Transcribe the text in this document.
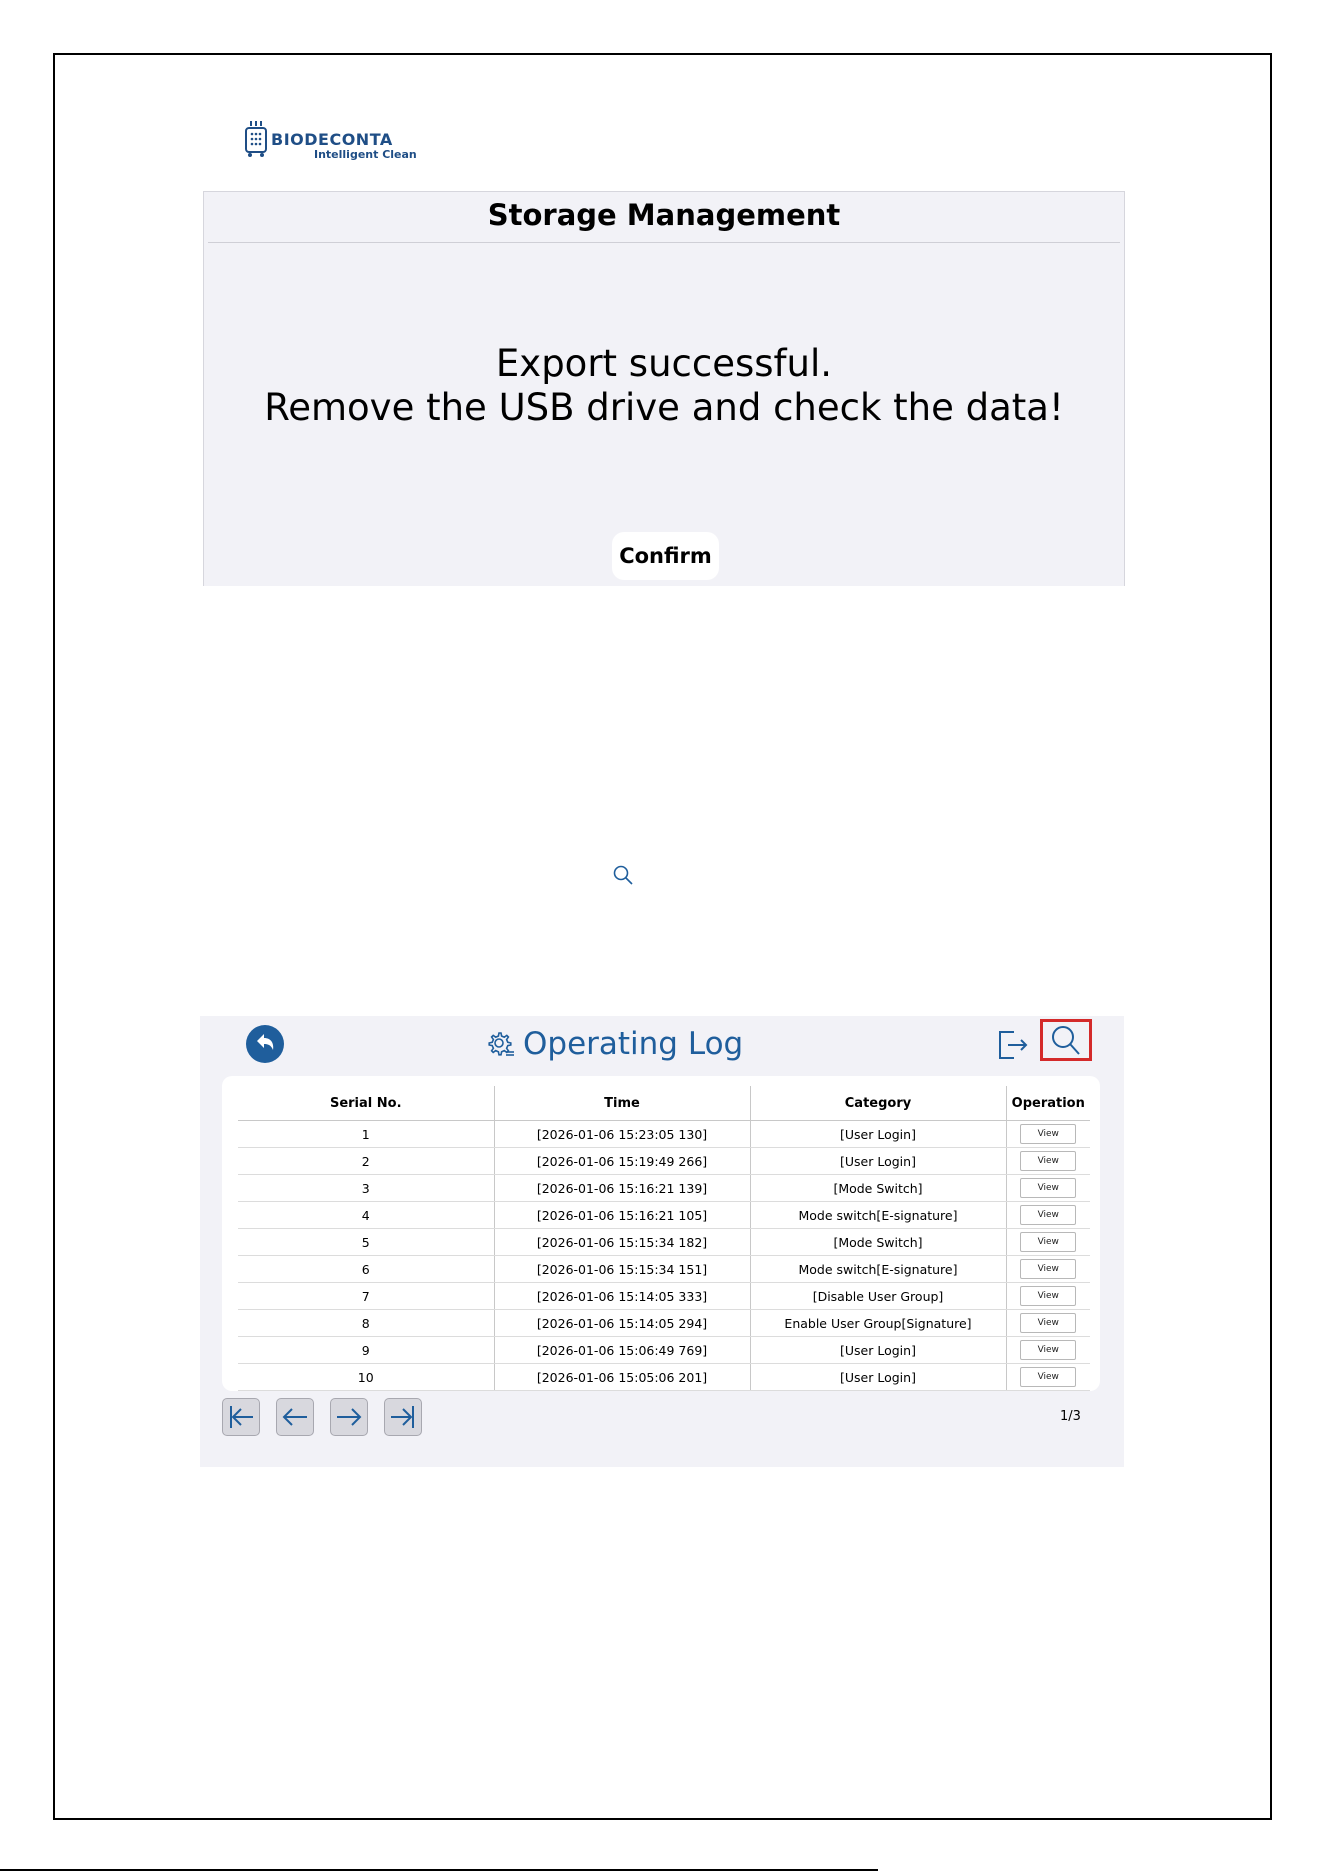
BIODECONTA
Intelligent Clean
Storage Management
Export successful.
Remove the USB drive and check the data!
Confirm
Operating Log
Serial No.	Time	Category	Operation
1	[2026-01-06 15:23:05 130]	[User Login]	View
2	[2026-01-06 15:19:49 266]	[User Login]	View
3	[2026-01-06 15:16:21 139]	[Mode Switch]	View
4	[2026-01-06 15:16:21 105]	Mode switch[E-signature]	View
5	[2026-01-06 15:15:34 182]	[Mode Switch]	View
6	[2026-01-06 15:15:34 151]	Mode switch[E-signature]	View
7	[2026-01-06 15:14:05 333]	[Disable User Group]	View
8	[2026-01-06 15:14:05 294]	Enable User Group[Signature]	View
9	[2026-01-06 15:06:49 769]	[User Login]	View
10	[2026-01-06 15:05:06 201]	[User Login]	View
1/3
